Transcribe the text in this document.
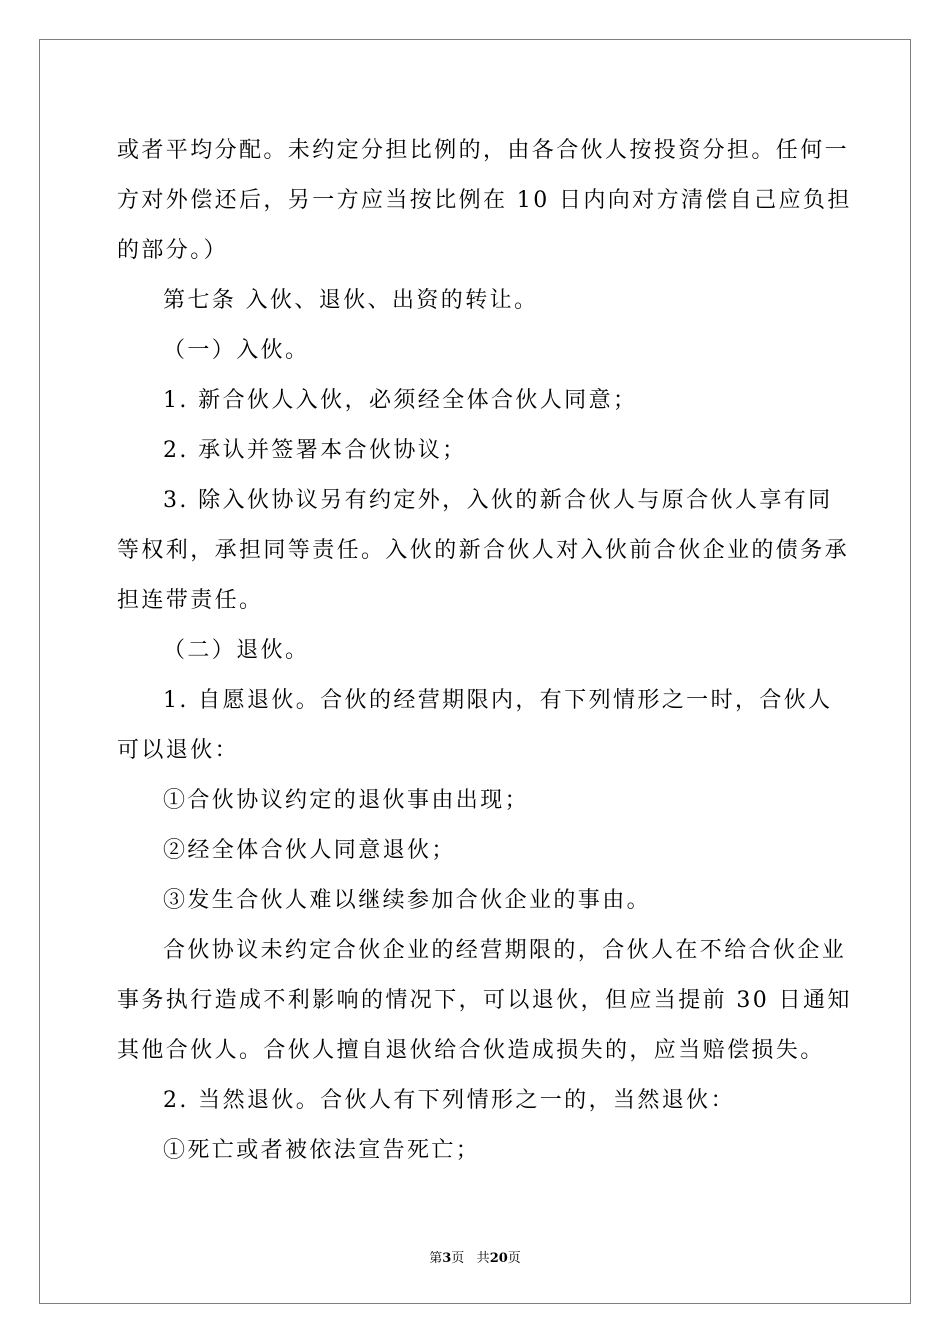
或者平均分配。未约定分担比例的，由各合伙人按投资分担。任何一

方对外偿还后，另一方应当按比例在 10 日内向对方清偿自己应负担

的部分。）

第七条 入伙、退伙、出资的转让。

（一）入伙。

1. 新合伙人入伙，必须经全体合伙人同意；

2. 承认并签署本合伙协议；

3. 除入伙协议另有约定外，入伙的新合伙人与原合伙人享有同

等权利，承担同等责任。入伙的新合伙人对入伙前合伙企业的债务承

担连带责任。

（二）退伙。

1. 自愿退伙。合伙的经营期限内，有下列情形之一时，合伙人

可以退伙：

①合伙协议约定的退伙事由出现；

②经全体合伙人同意退伙；

③发生合伙人难以继续参加合伙企业的事由。

合伙协议未约定合伙企业的经营期限的，合伙人在不给合伙企业

事务执行造成不利影响的情况下，可以退伙，但应当提前 30 日通知

其他合伙人。合伙人擅自退伙给合伙造成损失的，应当赔偿损失。

2. 当然退伙。合伙人有下列情形之一的，当然退伙：

①死亡或者被依法宣告死亡；

第3页 共20页
